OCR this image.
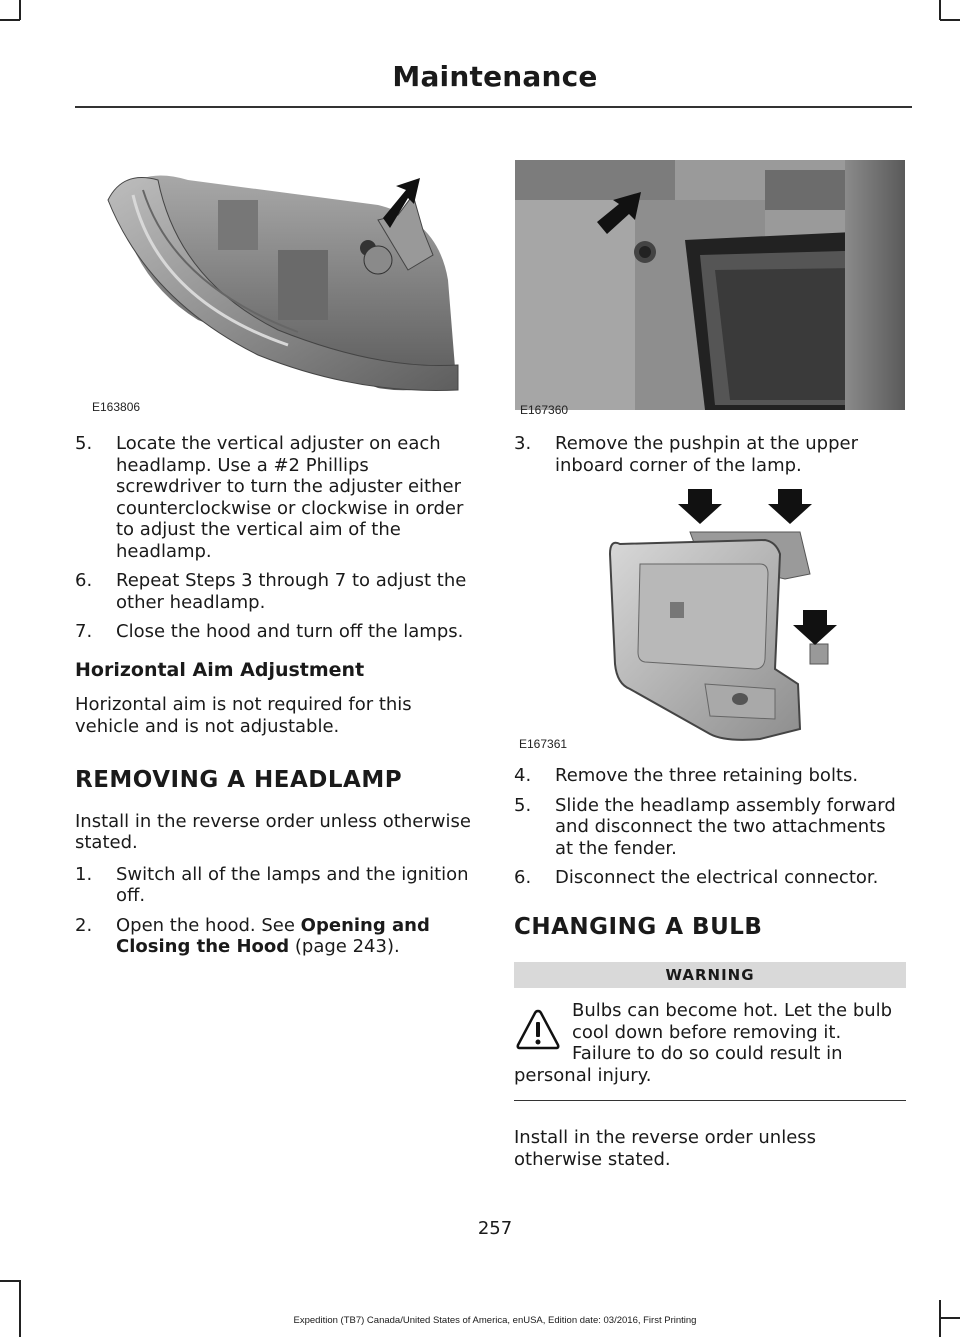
Maintenance
E163806	E167360
E167361
5. Locate the vertical adjuster on each headlamp. Use a #2 Phillips screwdriver to turn the adjuster either counterclockwise or clockwise in order to adjust the vertical aim of the headlamp.
6. Repeat Steps 3 through 7 to adjust the other headlamp.
7. Close the hood and turn off the lamps.
Horizontal Aim Adjustment

Horizontal aim is not required for this vehicle and is not adjustable.

REMOVING A HEADLAMP

Install in the reverse order unless otherwise stated.

1. Switch all of the lamps and the ignition off.
2. Open the hood. See Opening and Closing the Hood (page 243).
3. Remove the pushpin at the upper inboard corner of the lamp.
4. Remove the three retaining bolts.
5. Slide the headlamp assembly forward and disconnect the two attachments at the fender.
6. Disconnect the electrical connector.
CHANGING A BULB
WARNING
Bulbs can become hot. Let the bulb cool down before removing it. Failure to do so could result in personal injury.

Install in the reverse order unless otherwise stated.

257
Expedition (TB7) Canada/United States of America, enUSA, Edition date: 03/2016, First Printing
